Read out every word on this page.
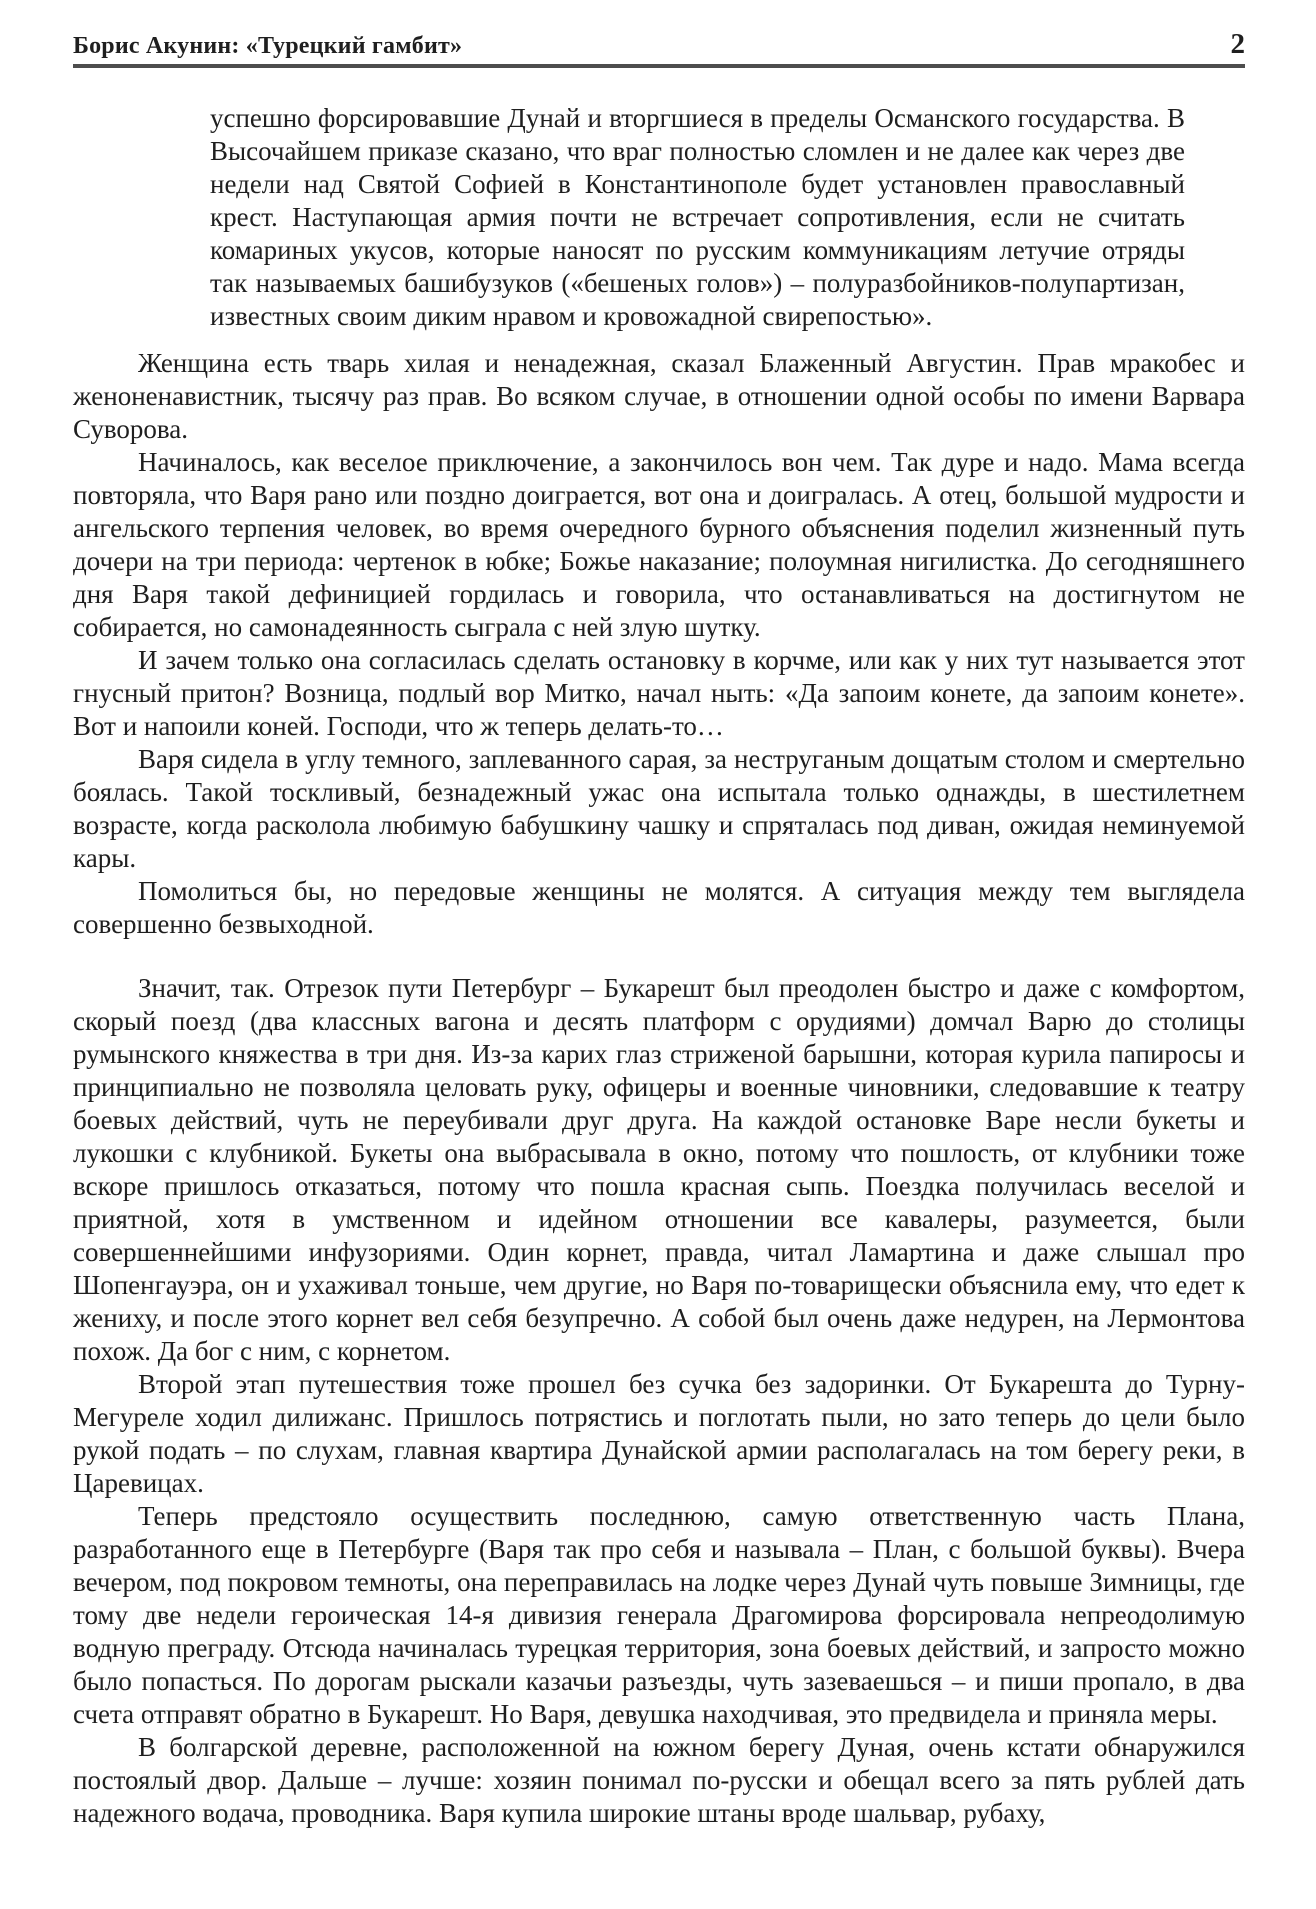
Борис Акунин: «Турецкий гамбит»	2
успешно форсировавшие Дунай и вторгшиеся в пределы Османского государства. В Высочайшем приказе сказано, что враг полностью сломлен и не далее как через две недели над Святой Софией в Константинополе будет установлен православный крест. Наступающая армия почти не встречает сопротивления, если не считать комариных укусов, которые наносят по русским коммуникациям летучие отряды так называемых башибузуков («бешеных голов») – полуразбойников-полупартизан, известных своим диким нравом и кровожадной свирепостью».

Женщина есть тварь хилая и ненадежная, сказал Блаженный Августин. Прав мракобес и женоненавистник, тысячу раз прав. Во всяком случае, в отношении одной особы по имени Варвара Суворова.

Начиналось, как веселое приключение, а закончилось вон чем. Так дуре и надо. Мама всегда повторяла, что Варя рано или поздно доиграется, вот она и доигралась. А отец, большой мудрости и ангельского терпения человек, во время очередного бурного объяснения поделил жизненный путь дочери на три периода: чертенок в юбке; Божье наказание; полоумная нигилистка. До сегодняшнего дня Варя такой дефиницией гордилась и говорила, что останавливаться на достигнутом не собирается, но самонадеянность сыграла с ней злую шутку.

И зачем только она согласилась сделать остановку в корчме, или как у них тут называется этот гнусный притон? Возница, подлый вор Митко, начал ныть: «Да запоим конете, да запоим конете». Вот и напоили коней. Господи, что ж теперь делать-то…

Варя сидела в углу темного, заплеванного сарая, за неструганым дощатым столом и смертельно боялась. Такой тоскливый, безнадежный ужас она испытала только однажды, в шестилетнем возрасте, когда расколола любимую бабушкину чашку и спряталась под диван, ожидая неминуемой кары.

Помолиться бы, но передовые женщины не молятся. А ситуация между тем выглядела совершенно безвыходной.

Значит, так. Отрезок пути Петербург – Букарешт был преодолен быстро и даже с комфортом, скорый поезд (два классных вагона и десять платформ с орудиями) домчал Варю до столицы румынского княжества в три дня. Из-за карих глаз стриженой барышни, которая курила папиросы и принципиально не позволяла целовать руку, офицеры и военные чиновники, следовавшие к театру боевых действий, чуть не переубивали друг друга. На каждой остановке Варе несли букеты и лукошки с клубникой. Букеты она выбрасывала в окно, потому что пошлость, от клубники тоже вскоре пришлось отказаться, потому что пошла красная сыпь. Поездка получилась веселой и приятной, хотя в умственном и идейном отношении все кавалеры, разумеется, были совершеннейшими инфузориями. Один корнет, правда, читал Ламартина и даже слышал про Шопенгауэра, он и ухаживал тоньше, чем другие, но Варя по-товарищески объяснила ему, что едет к жениху, и после этого корнет вел себя безупречно. А собой был очень даже недурен, на Лермонтова похож. Да бог с ним, с корнетом.

Второй этап путешествия тоже прошел без сучка без задоринки. От Букарешта до Турну-Мегуреле ходил дилижанс. Пришлось потрястись и поглотать пыли, но зато теперь до цели было рукой подать – по слухам, главная квартира Дунайской армии располагалась на том берегу реки, в Царевицах.

Теперь предстояло осуществить последнюю, самую ответственную часть Плана, разработанного еще в Петербурге (Варя так про себя и называла – План, с большой буквы). Вчера вечером, под покровом темноты, она переправилась на лодке через Дунай чуть повыше Зимницы, где тому две недели героическая 14-я дивизия генерала Драгомирова форсировала непреодолимую водную преграду. Отсюда начиналась турецкая территория, зона боевых действий, и запросто можно было попасться. По дорогам рыскали казачьи разъезды, чуть зазеваешься – и пиши пропало, в два счета отправят обратно в Букарешт. Но Варя, девушка находчивая, это предвидела и приняла меры.

В болгарской деревне, расположенной на южном берегу Дуная, очень кстати обнаружился постоялый двор. Дальше – лучше: хозяин понимал по-русски и обещал всего за пять рублей дать надежного водача, проводника. Варя купила широкие штаны вроде шальвар, рубаху,
